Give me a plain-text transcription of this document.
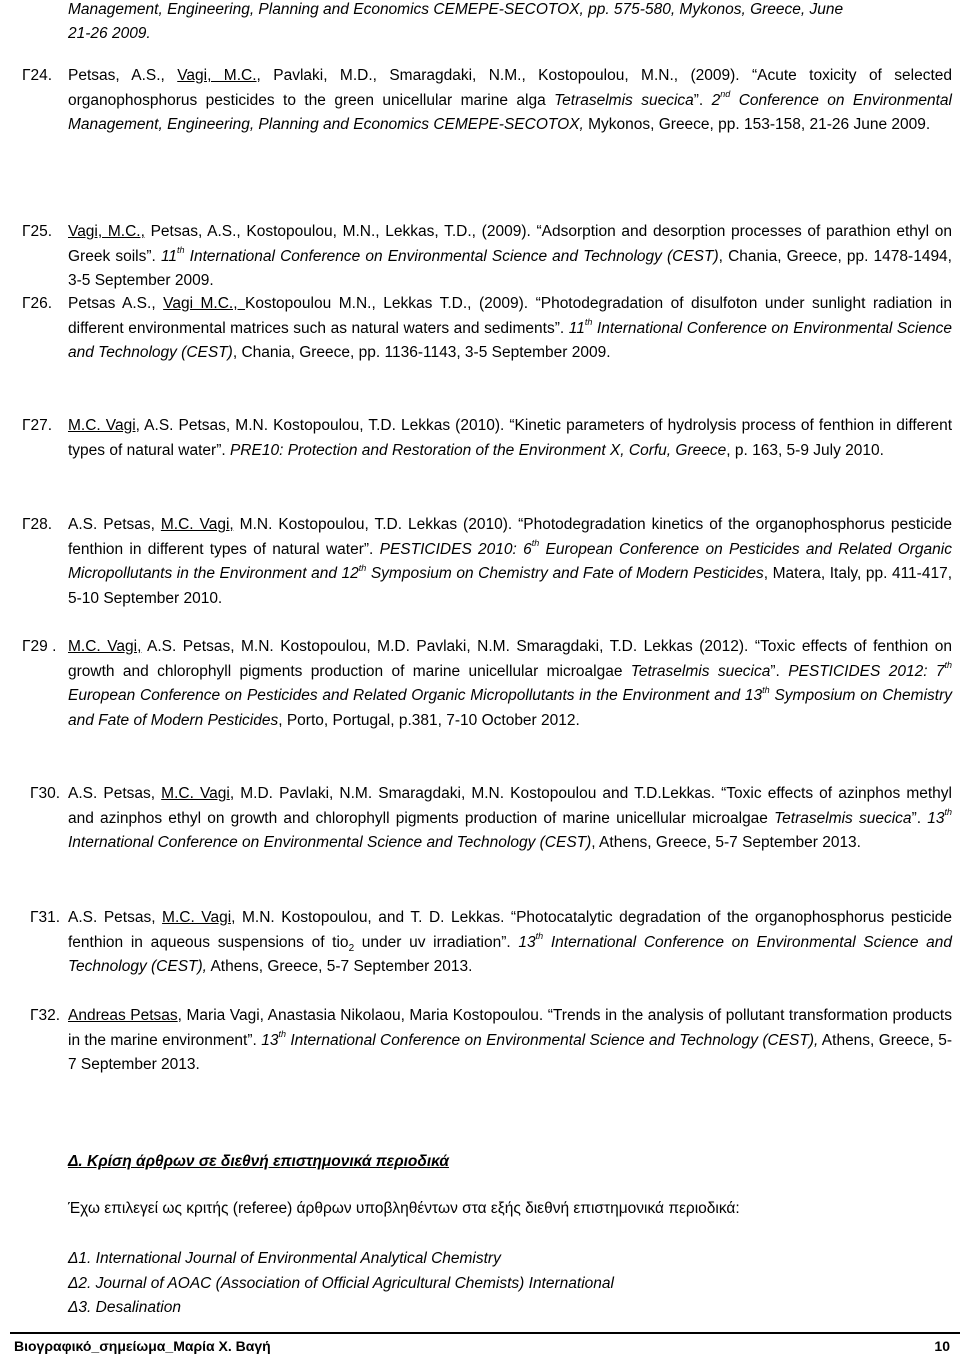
Management, Engineering, Planning and Economics CEMEPE-SECOTOX, pp. 575-580, Mykonos, Greece, June
21-26 2009.
Γ24. Petsas, A.S., Vagi, M.C., Pavlaki, M.D., Smaragdaki, N.M., Kostopoulou, M.N., (2009). “Acute toxicity of selected organophosphorus pesticides to the green unicellular marine alga Tetraselmis suecica”. 2nd Conference on Environmental Management, Engineering, Planning and Economics CEMEPE-SECOTOX, Mykonos, Greece, pp. 153-158, 21-26 June 2009.
Γ25. Vagi, M.C., Petsas, A.S., Kostopoulou, M.N., Lekkas, T.D., (2009). “Adsorption and desorption processes of parathion ethyl on Greek soils”. 11th International Conference on Environmental Science and Technology (CEST), Chania, Greece, pp. 1478-1494, 3-5 September 2009.
Γ26. Petsas A.S., Vagi M.C., Kostopoulou M.N., Lekkas T.D., (2009). “Photodegradation of disulfoton under sunlight radiation in different environmental matrices such as natural waters and sediments”. 11th International Conference on Environmental Science and Technology (CEST), Chania, Greece, pp. 1136-1143, 3-5 September 2009.
Γ27. M.C. Vagi, A.S. Petsas, M.N. Kostopoulou, T.D. Lekkas (2010). “Kinetic parameters of hydrolysis process of fenthion in different types of natural water”. PRE10: Protection and Restoration of the Environment X, Corfu, Greece, p. 163, 5-9 July 2010.
Γ28. A.S. Petsas, M.C. Vagi, M.N. Kostopoulou, T.D. Lekkas (2010). “Photodegradation kinetics of the organophosphorus pesticide fenthion in different types of natural water”. PESTICIDES 2010: 6th European Conference on Pesticides and Related Organic Micropollutants in the Environment and 12th Symposium on Chemistry and Fate of Modern Pesticides, Matera, Italy, pp. 411-417, 5-10 September 2010.
Γ29 . M.C. Vagi, A.S. Petsas, M.N. Kostopoulou, M.D. Pavlaki, N.M. Smaragdaki, T.D. Lekkas (2012). “Toxic effects of fenthion on growth and chlorophyll pigments production of marine unicellular microalgae Tetraselmis suecica”. PESTICIDES 2012: 7th European Conference on Pesticides and Related Organic Micropollutants in the Environment and 13th Symposium on Chemistry and Fate of Modern Pesticides, Porto, Portugal, p.381, 7-10 October 2012.
Γ30. A.S. Petsas, M.C. Vagi, M.D. Pavlaki, N.M. Smaragdaki, M.N. Kostopoulou and T.D.Lekkas. “Toxic effects of azinphos methyl and azinphos ethyl on growth and chlorophyll pigments production of marine unicellular microalgae Tetraselmis suecica”. 13th International Conference on Environmental Science and Technology (CEST), Athens, Greece, 5-7 September 2013.
Γ31. A.S. Petsas, M.C. Vagi, M.N. Kostopoulou, and T. D. Lekkas. “Photocatalytic degradation of the organophosphorus pesticide fenthion in aqueous suspensions of tio$_2$ under uv irradiation”. 13th International Conference on Environmental Science and Technology (CEST), Athens, Greece, 5-7 September 2013.
Γ32. Andreas Petsas, Maria Vagi, Anastasia Nikolaou, Maria Kostopoulou. “Trends in the analysis of pollutant transformation products in the marine environment”. 13th International Conference on Environmental Science and Technology (CEST), Athens, Greece, 5-7 September 2013.
Δ. Κρίση άρθρων σε διεθνή επιστημονικά περιοδικά
Έχω επιλεγεί ως κριτής (referee) άρθρων υποβληθέντων στα εξής διεθνή επιστημονικά περιοδικά:
Δ1. International Journal of Environmental Analytical Chemistry
Δ2. Journal of AOAC (Association of Official Agricultural Chemists) International
Δ3. Desalination
Βιογραφικό_σημείωμα_Μαρία Χ. Βαγή	10
